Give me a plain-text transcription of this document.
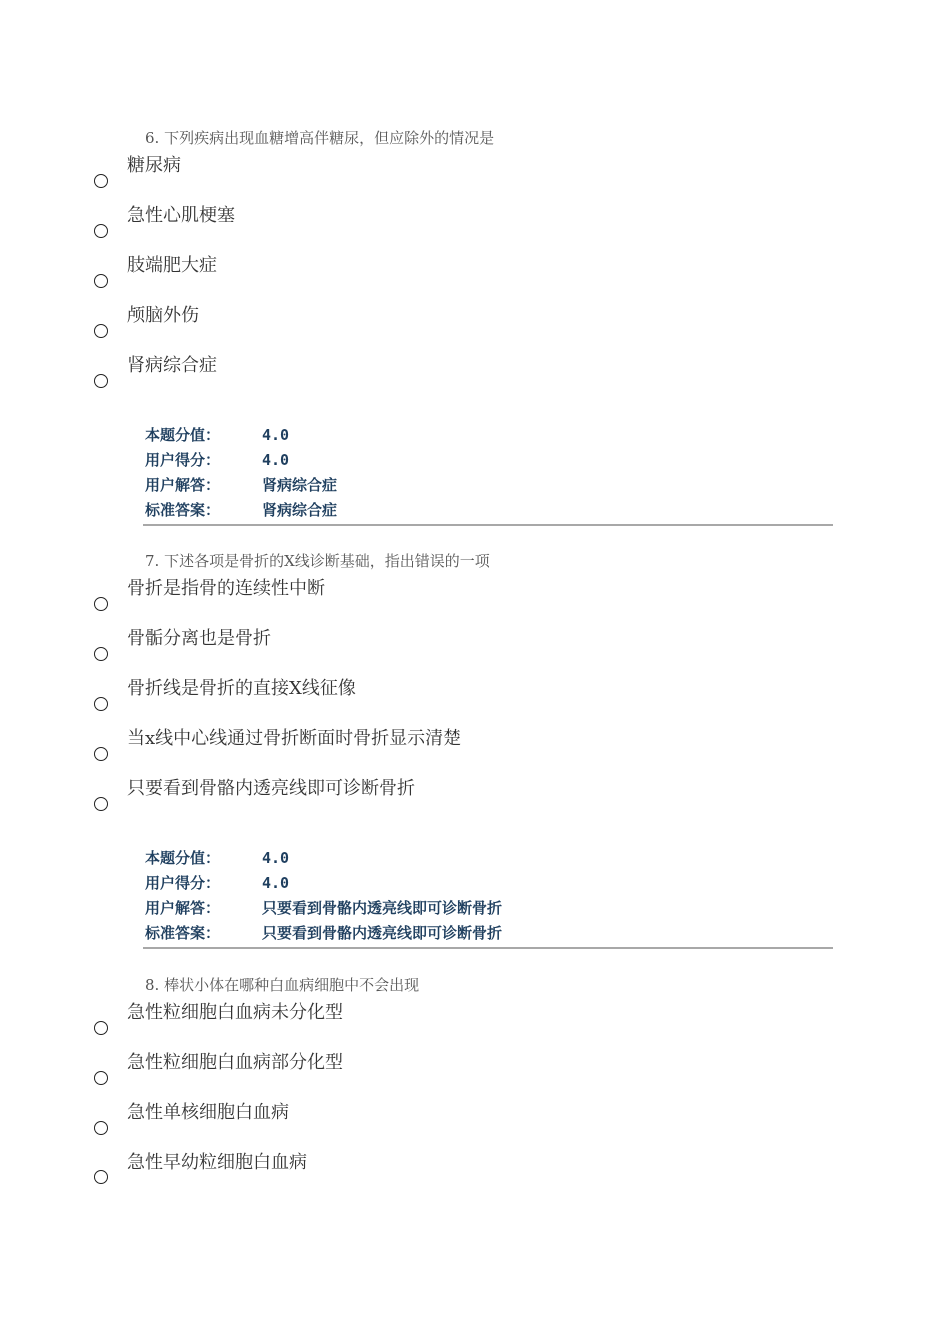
6. 下列疾病出现血糖增高伴糖尿，但应除外的情况是
糖尿病
急性心肌梗塞
肢端肥大症
颅脑外伤
肾病综合症
本题分值：	4.0
用户得分：	4.0
用户解答：	肾病综合症
标准答案：	肾病综合症
7. 下述各项是骨折的X线诊断基础，指出错误的一项
骨折是指骨的连续性中断
骨骺分离也是骨折
骨折线是骨折的直接X线征像
当x线中心线通过骨折断面时骨折显示清楚
只要看到骨骼内透亮线即可诊断骨折
本题分值：	4.0
用户得分：	4.0
用户解答：	只要看到骨骼内透亮线即可诊断骨折
标准答案：	只要看到骨骼内透亮线即可诊断骨折
8. 棒状小体在哪种白血病细胞中不会出现
急性粒细胞白血病未分化型
急性粒细胞白血病部分化型
急性单核细胞白血病
急性早幼粒细胞白血病
